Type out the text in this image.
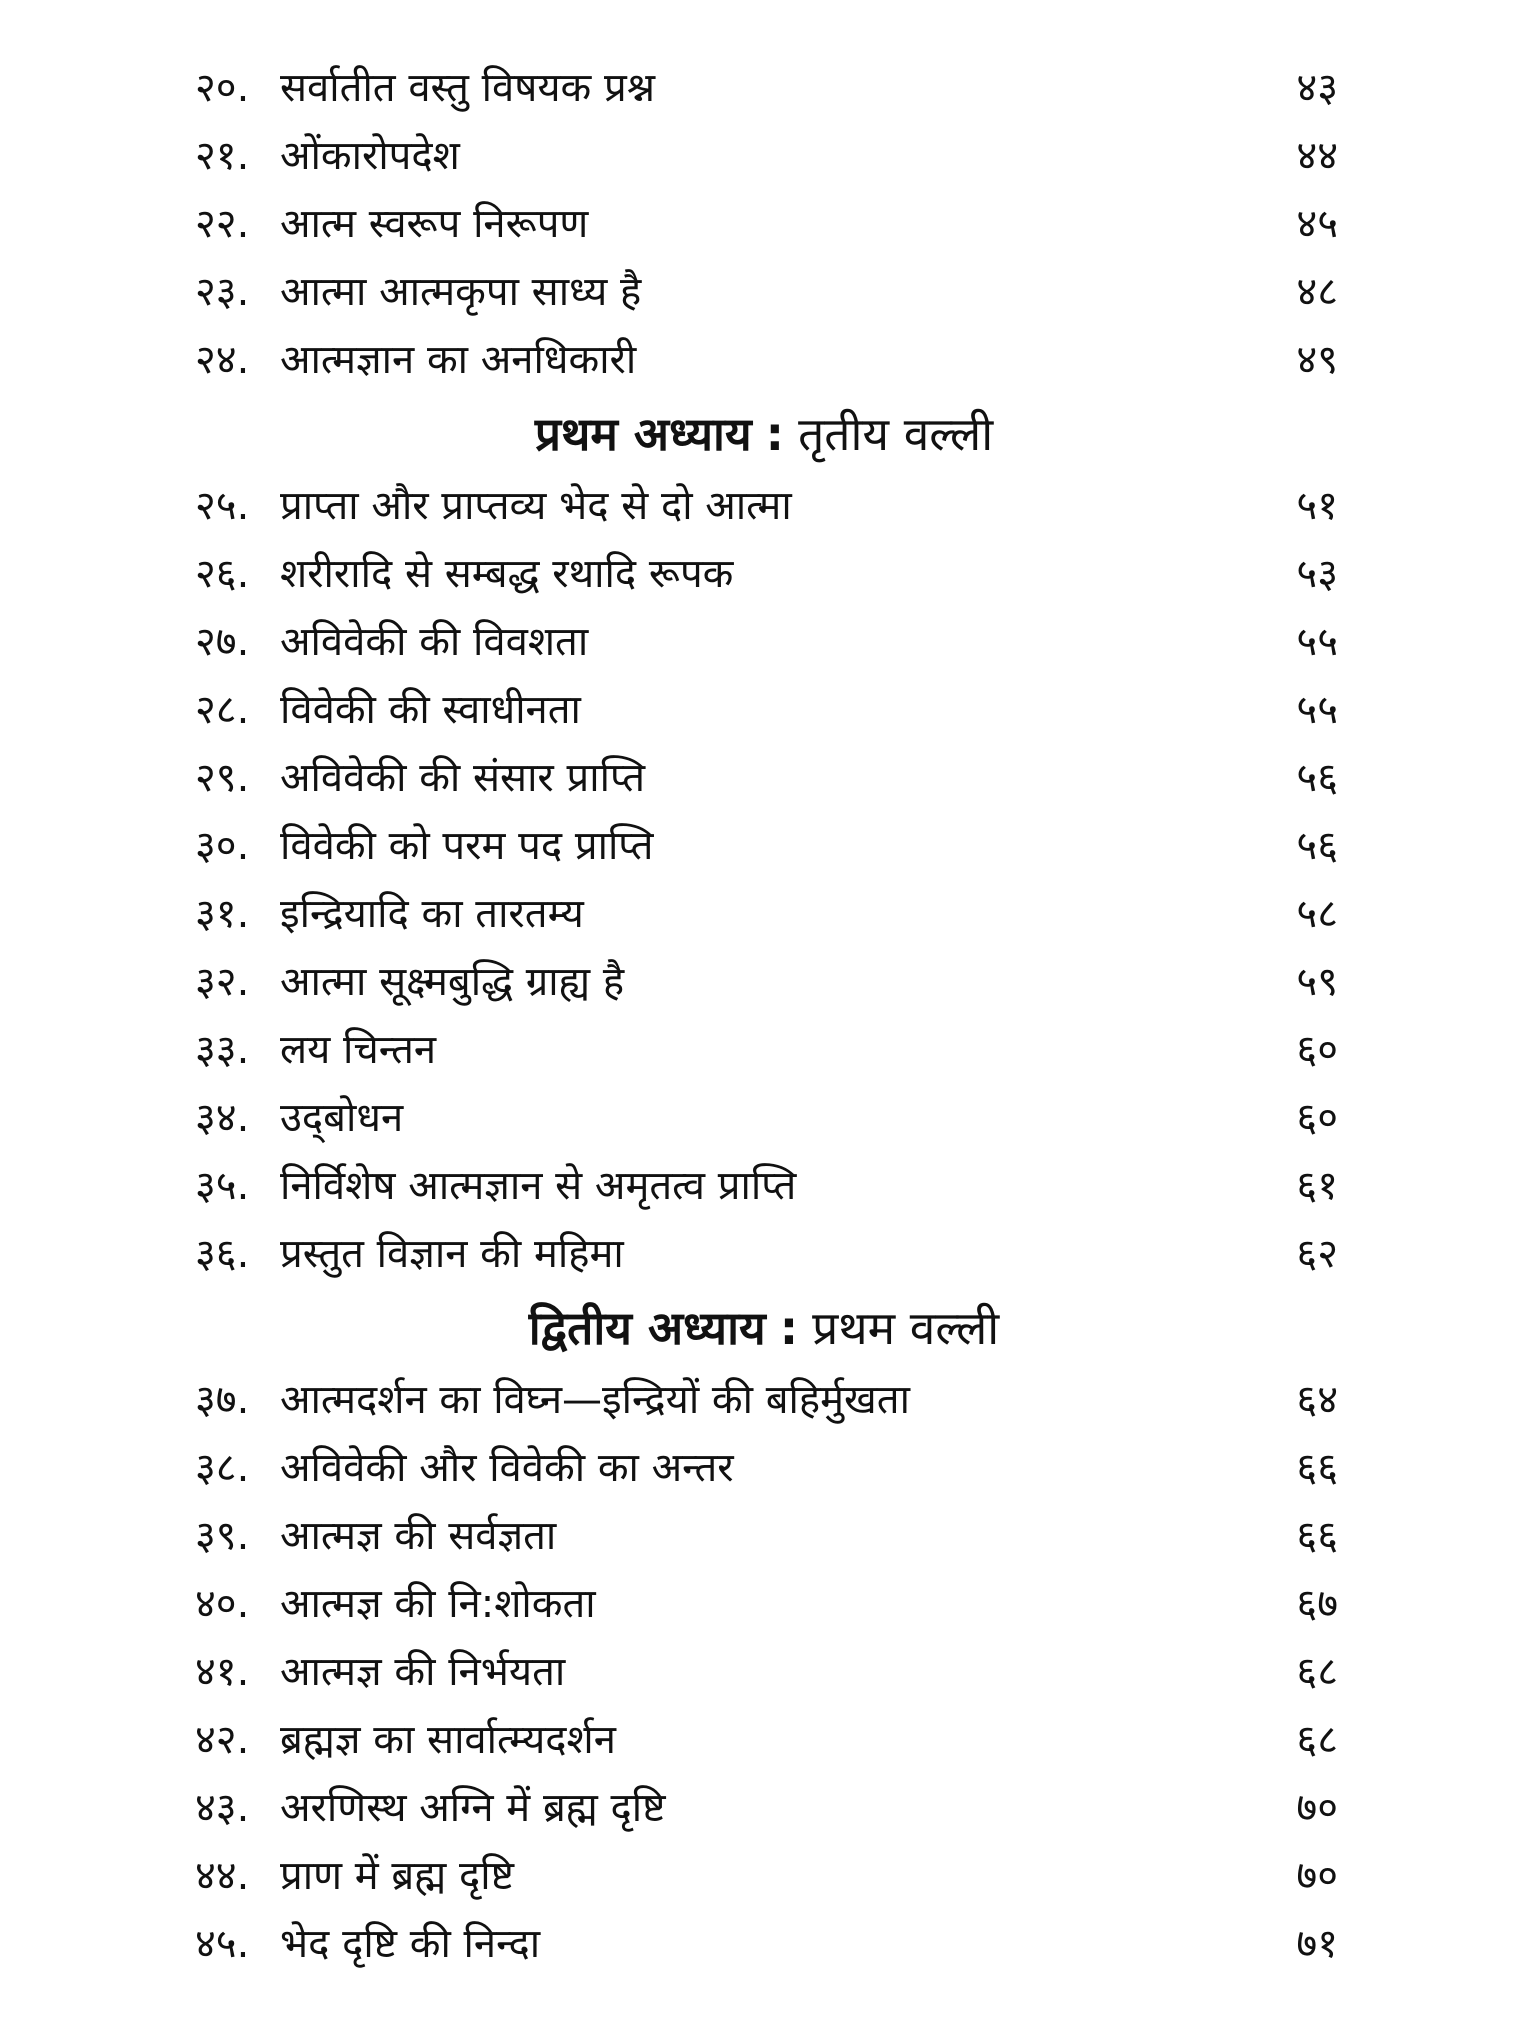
२०. सर्वातीत वस्तु विषयक प्रश्न	४३
२१. ओंकारोपदेश	४४
२२. आत्म स्वरूप निरूपण	४५
२३. आत्मा आत्मकृपा साध्य है	४८
२४. आत्मज्ञान का अनधिकारी	४९
प्रथम अध्याय : तृतीय वल्ली
२५. प्राप्ता और प्राप्तव्य भेद से दो आत्मा	५१
२६. शरीरादि से सम्बद्ध रथादि रूपक	५३
२७. अविवेकी की विवशता	५५
२८. विवेकी की स्वाधीनता	५५
२९. अविवेकी की संसार प्राप्ति	५६
३०. विवेकी को परम पद प्राप्ति	५६
३१. इन्द्रियादि का तारतम्य	५८
३२. आत्मा सूक्ष्मबुद्धि ग्राह्य है	५९
३३. लय चिन्तन	६०
३४. उद्‌बोधन	६०
३५. निर्विशेष आत्मज्ञान से अमृतत्व प्राप्ति	६१
३६. प्रस्तुत विज्ञान की महिमा	६२
द्वितीय अध्याय : प्रथम वल्ली
३७. आत्मदर्शन का विघ्न—इन्द्रियों की बहिर्मुखता	६४
३८. अविवेकी और विवेकी का अन्तर	६६
३९. आत्मज्ञ की सर्वज्ञता	६६
४०. आत्मज्ञ की नि:शोकता	६७
४१. आत्मज्ञ की निर्भयता	६८
४२. ब्रह्मज्ञ का सार्वात्म्यदर्शन	६८
४३. अरणिस्थ अग्नि में ब्रह्म दृष्टि	७०
४४. प्राण में ब्रह्म दृष्टि	७०
४५. भेद दृष्टि की निन्दा	७१
